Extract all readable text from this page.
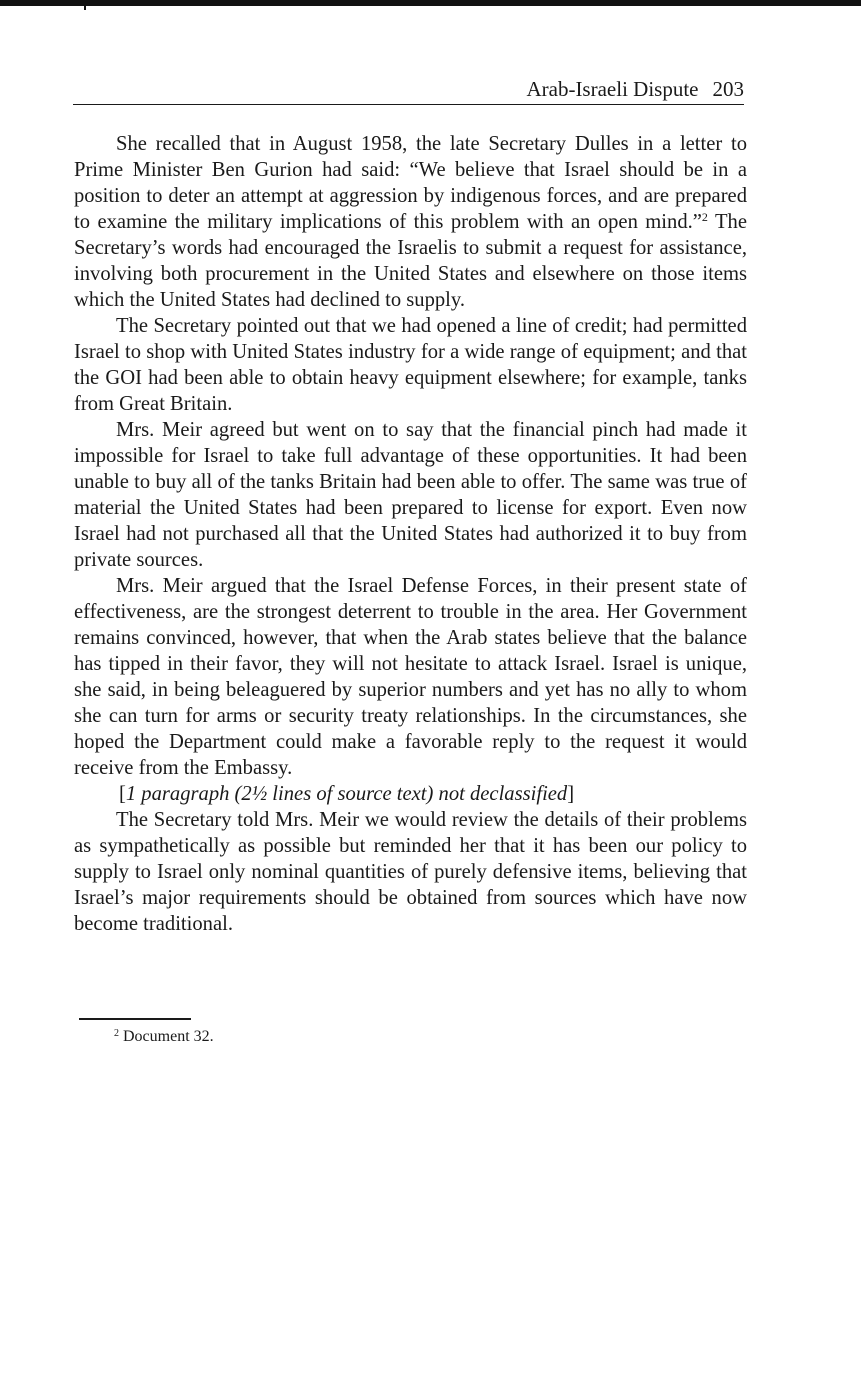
Arab-Israeli Dispute 203

She recalled that in August 1958, the late Secretary Dulles in a letter to Prime Minister Ben Gurion had said: “We believe that Israel should be in a position to deter an attempt at aggression by indigenous forces, and are prepared to examine the military implications of this problem with an open mind.”$^2$ The Secretary’s words had encouraged the Israelis to submit a request for assistance, involving both procurement in the United States and elsewhere on those items which the United States had declined to supply.

The Secretary pointed out that we had opened a line of credit; had permitted Israel to shop with United States industry for a wide range of equipment; and that the GOI had been able to obtain heavy equipment elsewhere; for example, tanks from Great Britain.

Mrs. Meir agreed but went on to say that the financial pinch had made it impossible for Israel to take full advantage of these opportunities. It had been unable to buy all of the tanks Britain had been able to offer. The same was true of material the United States had been prepared to license for export. Even now Israel had not purchased all that the United States had authorized it to buy from private sources.

Mrs. Meir argued that the Israel Defense Forces, in their present state of effectiveness, are the strongest deterrent to trouble in the area. Her Government remains convinced, however, that when the Arab states believe that the balance has tipped in their favor, they will not hesitate to attack Israel. Israel is unique, she said, in being beleaguered by superior numbers and yet has no ally to whom she can turn for arms or security treaty relationships. In the circumstances, she hoped the Department could make a favorable reply to the request it would receive from the Embassy.

[1 paragraph (2½ lines of source text) not declassified]

The Secretary told Mrs. Meir we would review the details of their problems as sympathetically as possible but reminded her that it has been our policy to supply to Israel only nominal quantities of purely defensive items, believing that Israel’s major requirements should be obtained from sources which have now become traditional.

$^2$ Document 32.
